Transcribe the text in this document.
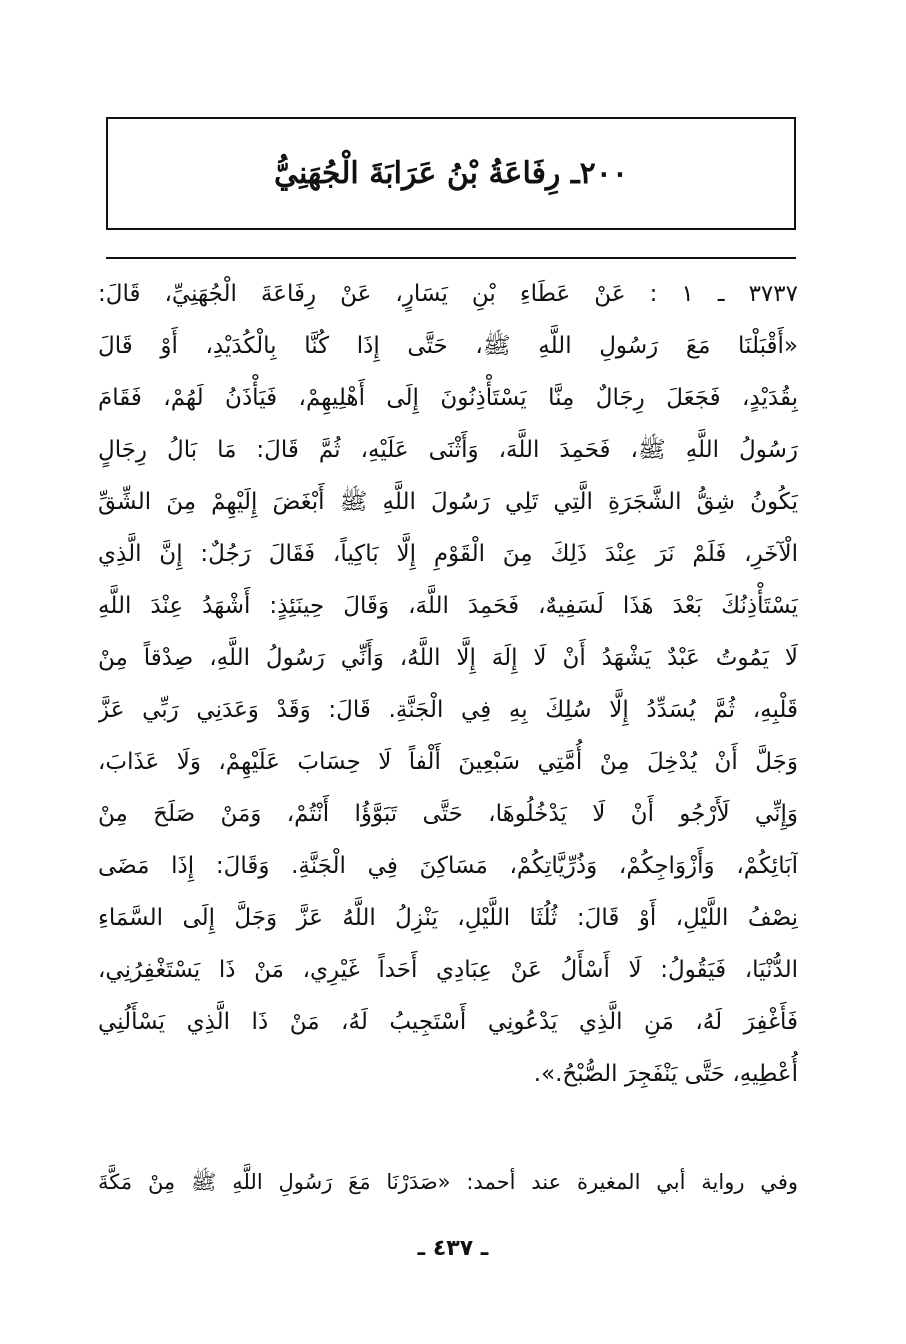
٢٠٠ـ رِفَاعَةُ بْنُ عَرَابَةَ الْجُهَنِيُّ
٣٧٣٧ ـ ١ : عَنْ عَطَاءِ بْنِ يَسَارٍ، عَنْ رِفَاعَةَ الْجُهَنِيِّ، قَالَ:
«أَقْبَلْنَا مَعَ رَسُولِ اللَّهِ ﷺ، حَتَّى إِذَا كُنَّا بِالْكُدَيْدِ، أَوْ قَالَ
بِقُدَيْدٍ، فَجَعَلَ رِجَالٌ مِنَّا يَسْتَأْذِنُونَ إِلَى أَهْلِيهِمْ، فَيَأْذَنُ لَهُمْ، فَقَامَ
رَسُولُ اللَّهِ ﷺ، فَحَمِدَ اللَّهَ، وَأَثْنَى عَلَيْهِ، ثُمَّ قَالَ: مَا بَالُ رِجَالٍ
يَكُونُ شِقُّ الشَّجَرَةِ الَّتِي تَلِي رَسُولَ اللَّهِ ﷺ أَبْغَضَ إِلَيْهِمْ مِنَ الشِّقِّ
الْآخَرِ، فَلَمْ نَرَ عِنْدَ ذَلِكَ مِنَ الْقَوْمِ إِلَّا بَاكِياً، فَقَالَ رَجُلٌ: إِنَّ الَّذِي
يَسْتَأْذِنُكَ بَعْدَ هَذَا لَسَفِيهٌ، فَحَمِدَ اللَّهَ، وَقَالَ حِينَئِذٍ: أَشْهَدُ عِنْدَ اللَّهِ
لَا يَمُوتُ عَبْدٌ يَشْهَدُ أَنْ لَا إِلَهَ إِلَّا اللَّهُ، وَأَنِّي رَسُولُ اللَّهِ، صِدْقاً مِنْ
قَلْبِهِ، ثُمَّ يُسَدِّدُ إِلَّا سُلِكَ بِهِ فِي الْجَنَّةِ. قَالَ: وَقَدْ وَعَدَنِي رَبِّي عَزَّ
وَجَلَّ أَنْ يُدْخِلَ مِنْ أُمَّتِي سَبْعِينَ أَلْفاً لَا حِسَابَ عَلَيْهِمْ، وَلَا عَذَابَ،
وَإِنِّي لَأَرْجُو أَنْ لَا يَدْخُلُوهَا، حَتَّى تَبَوَّؤُا أَنْتُمْ، وَمَنْ صَلَحَ مِنْ
آبَائِكُمْ، وَأَزْوَاجِكُمْ، وَذُرِّيَّاتِكُمْ، مَسَاكِنَ فِي الْجَنَّةِ. وَقَالَ: إِذَا مَضَى
نِصْفُ اللَّيْلِ، أَوْ قَالَ: ثُلُثَا اللَّيْلِ، يَنْزِلُ اللَّهُ عَزَّ وَجَلَّ إِلَى السَّمَاءِ
الدُّنْيَا، فَيَقُولُ: لَا أَسْأَلُ عَنْ عِبَادِي أَحَداً غَيْرِي، مَنْ ذَا يَسْتَغْفِرُنِي،
فَأَغْفِرَ لَهُ، مَنِ الَّذِي يَدْعُونِي أَسْتَجِيبُ لَهُ، مَنْ ذَا الَّذِي يَسْأَلُنِي
أُعْطِيهِ، حَتَّى يَنْفَجِرَ الصُّبْحُ.».
وفي رواية أبي المغيرة عند أحمد: «صَدَرْنَا مَعَ رَسُولِ اللَّهِ ﷺ مِنْ مَكَّةَ
ـ ٤٣٧ ـ
